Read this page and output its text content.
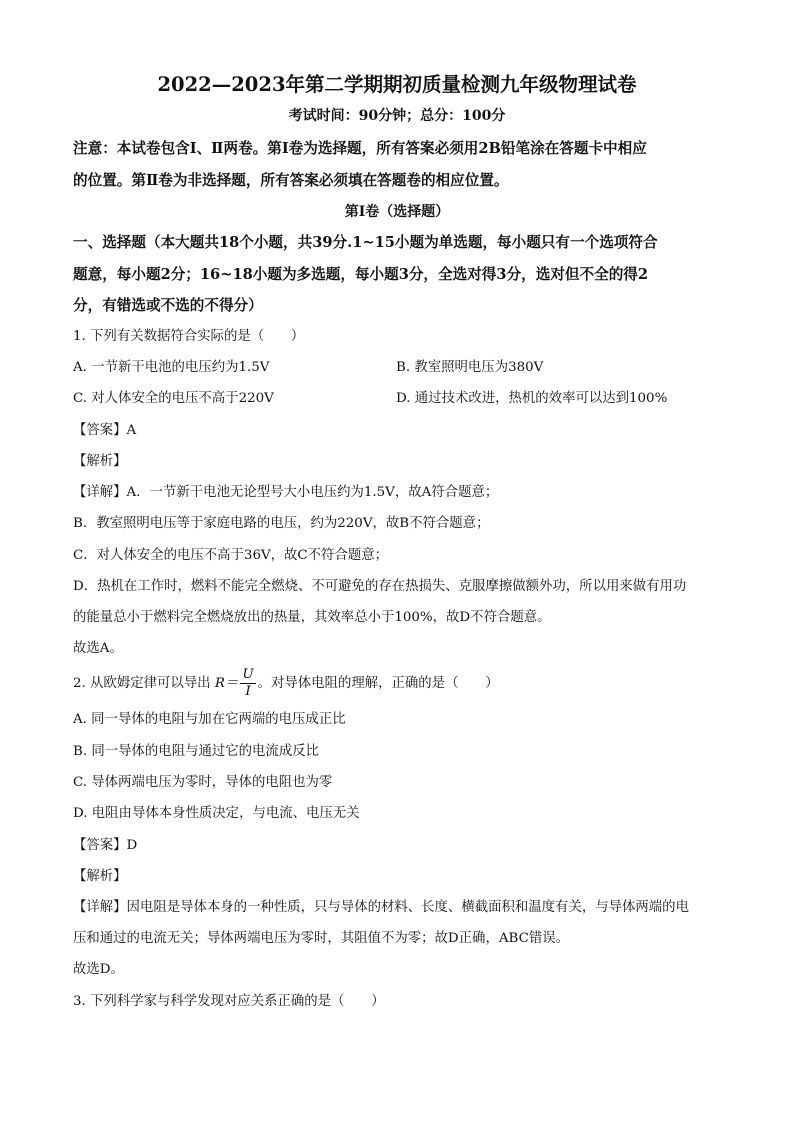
2022—2023年第二学期期初质量检测九年级物理试卷
考试时间：90分钟；总分：100分
注意：本试卷包含Ⅰ、Ⅱ两卷。第Ⅰ卷为选择题，所有答案必须用2B铅笔涂在答题卡中相应
的位置。第Ⅱ卷为非选择题，所有答案必须填在答题卷的相应位置。
第Ⅰ卷（选择题）
一、选择题（本大题共18个小题，共39分.1~15小题为单选题，每小题只有一个选项符合
题意，每小题2分；16~18小题为多选题，每小题3分，全选对得3分，选对但不全的得2
分，有错选或不选的不得分）
1. 下列有关数据符合实际的是（　　）
A. 一节新干电池的电压约为1.5V	B. 教室照明电压为380V
C. 对人体安全的电压不高于220V	D. 通过技术改进，热机的效率可以达到100%
【答案】A
【解析】
【详解】A．一节新干电池无论型号大小电压约为1.5V，故A符合题意；
B．教室照明电压等于家庭电路的电压，约为220V，故B不符合题意；
C．对人体安全的电压不高于36V，故C不符合题意；
D．热机在工作时，燃料不能完全燃烧、不可避免的存在热损失、克服摩擦做额外功，所以用来做有用功
的能量总小于燃料完全燃烧放出的热量，其效率总小于100%，故D不符合题意。
故选A。
2. 从欧姆定律可以导出 $R= \frac{U}{I}$ 。对导体电阻的理解，正确的是（　　）
A. 同一导体的电阻与加在它两端的电压成正比
B. 同一导体的电阻与通过它的电流成反比
C. 导体两端电压为零时，导体的电阻也为零
D. 电阻由导体本身性质决定，与电流、电压无关
【答案】D
【解析】
【详解】因电阻是导体本身的一种性质，只与导体的材料、长度、横截面积和温度有关，与导体两端的电
压和通过的电流无关；导体两端电压为零时，其阻值不为零；故D正确，ABC错误。
故选D。
3. 下列科学家与科学发现对应关系正确的是（　　）
